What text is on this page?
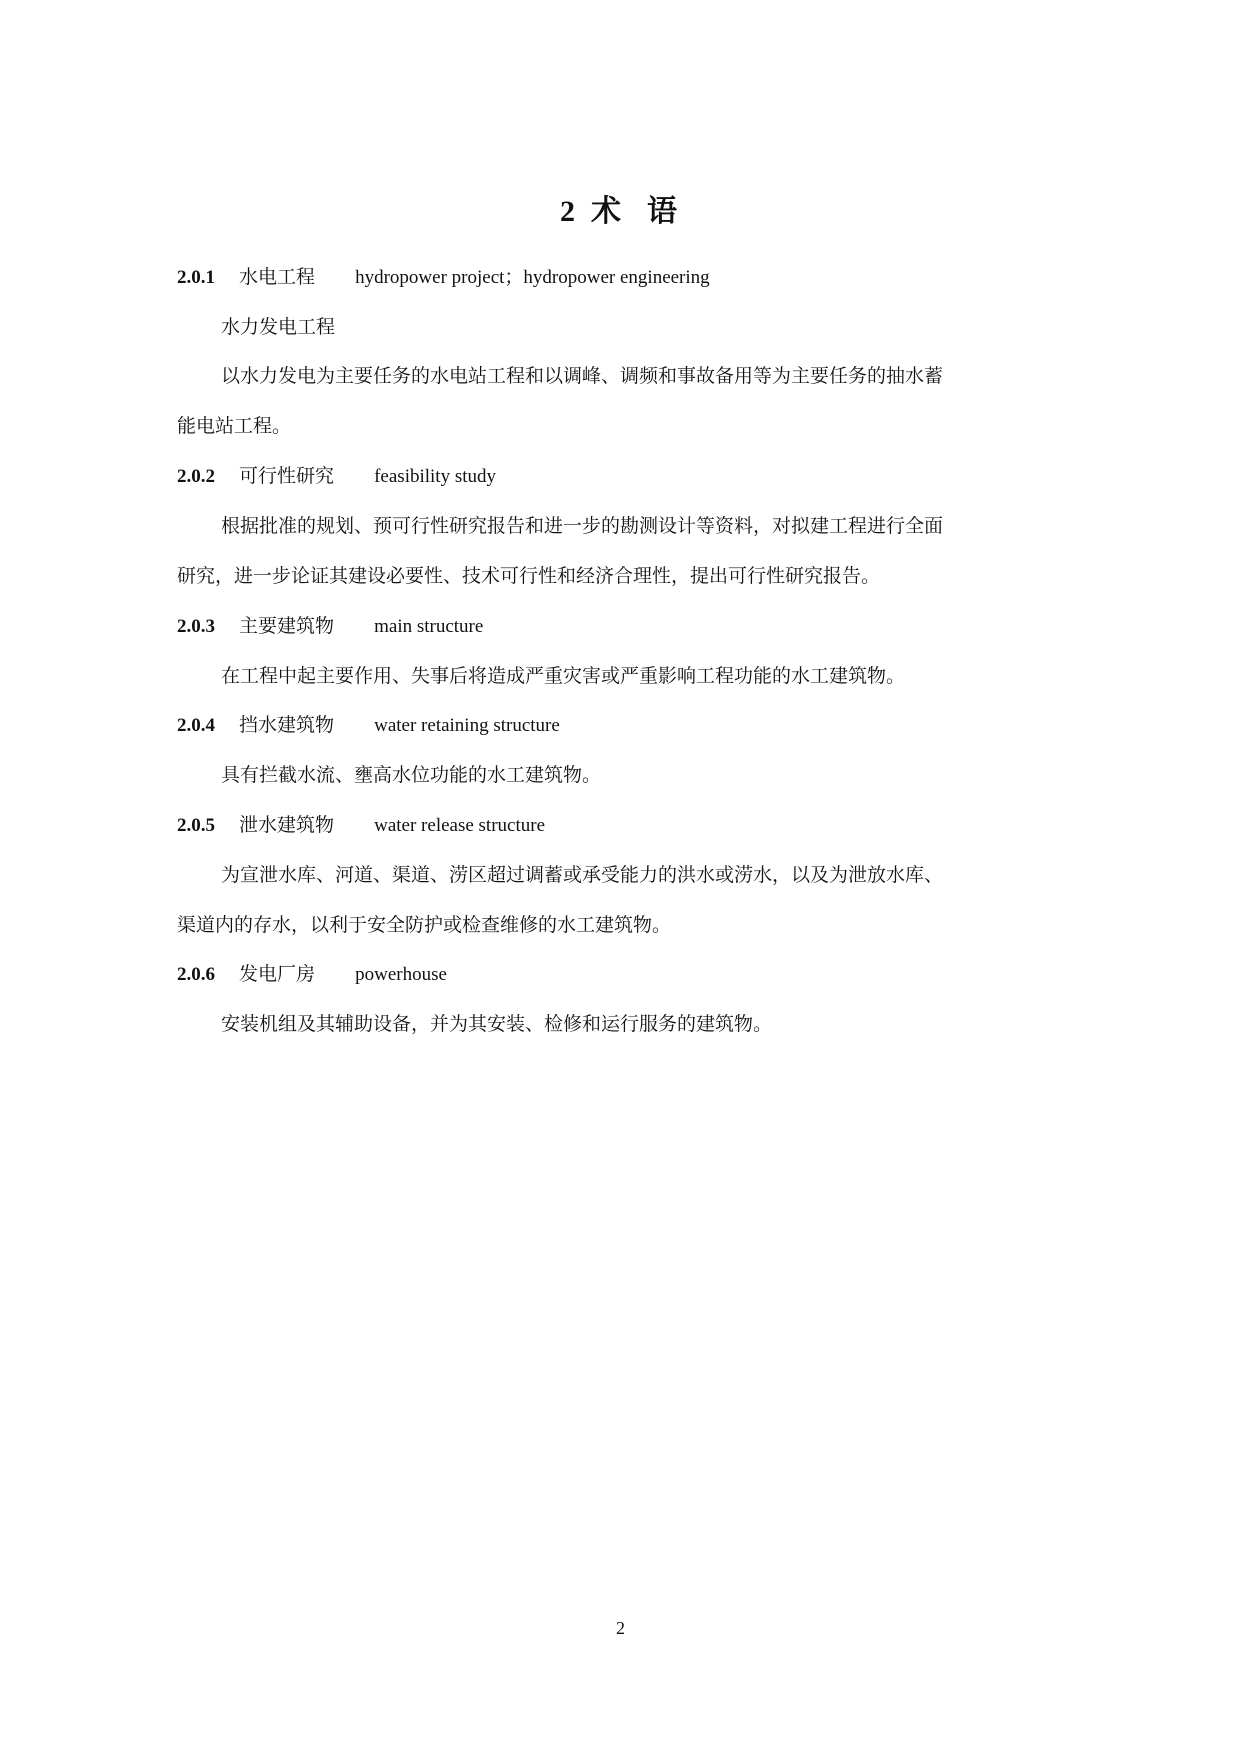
2 术 语
2.0.1 水电工程 hydropower project；hydropower engineering
水力发电工程
以水力发电为主要任务的水电站工程和以调峰、调频和事故备用等为主要任务的抽水蓄
能电站工程。
2.0.2 可行性研究 feasibility study
根据批准的规划、预可行性研究报告和进一步的勘测设计等资料，对拟建工程进行全面
研究，进一步论证其建设必要性、技术可行性和经济合理性，提出可行性研究报告。
2.0.3 主要建筑物 main structure
在工程中起主要作用、失事后将造成严重灾害或严重影响工程功能的水工建筑物。
2.0.4 挡水建筑物 water retaining structure
具有拦截水流、壅高水位功能的水工建筑物。
2.0.5 泄水建筑物 water release structure
为宣泄水库、河道、渠道、涝区超过调蓄或承受能力的洪水或涝水，以及为泄放水库、
渠道内的存水，以利于安全防护或检查维修的水工建筑物。
2.0.6 发电厂房 powerhouse
安装机组及其辅助设备，并为其安装、检修和运行服务的建筑物。
2
